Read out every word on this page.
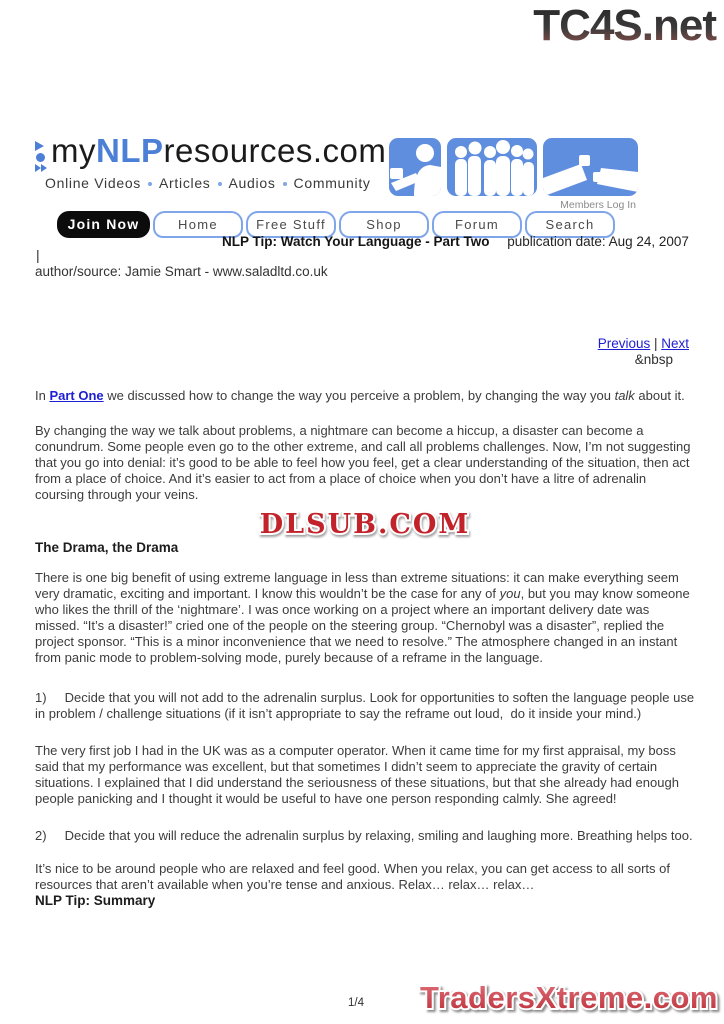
TC4S.net
myNLPresources.com
Online Videos Articles Audios Community
Members Log In
Join Now	Home	Free Stuff	Shop	Forum	Search
NLP Tip: Watch Your Language - Part Two publication date: Aug 24, 2007
|
author/source: Jamie Smart - www.saladltd.co.uk
Previous | Next
&nbsp

In Part One we discussed how to change the way you perceive a problem, by changing the way you talk about it.

By changing the way we talk about problems, a nightmare can become a hiccup, a disaster can become a conundrum. Some people even go to the other extreme, and call all problems challenges. Now, I’m not suggesting that you go into denial: it’s good to be able to feel how you feel, get a clear understanding of the situation, then act from a place of choice. And it’s easier to act from a place of choice when you don’t have a litre of adrenalin coursing through your veins.

DLSUB.COM

The Drama, the Drama

There is one big benefit of using extreme language in less than extreme situations: it can make everything seem very dramatic, exciting and important. I know this wouldn’t be the case for any of you, but you may know someone who likes the thrill of the ‘nightmare’. I was once working on a project where an important delivery date was missed. “It’s a disaster!” cried one of the people on the steering group. “Chernobyl was a disaster”, replied the project sponsor. “This is a minor inconvenience that we need to resolve.” The atmosphere changed in an instant from panic mode to problem-solving mode, purely because of a reframe in the language.

1)     Decide that you will not add to the adrenalin surplus. Look for opportunities to soften the language people use in problem / challenge situations (if it isn’t appropriate to say the reframe out loud,  do it inside your mind.)

The very first job I had in the UK was as a computer operator. When it came time for my first appraisal, my boss said that my performance was excellent, but that sometimes I didn’t seem to appreciate the gravity of certain situations. I explained that I did understand the seriousness of these situations, but that she already had enough people panicking and I thought it would be useful to have one person responding calmly. She agreed!

2)     Decide that you will reduce the adrenalin surplus by relaxing, smiling and laughing more. Breathing helps too.

It’s nice to be around people who are relaxed and feel good. When you relax, you can get access to all sorts of resources that aren’t available when you’re tense and anxious. Relax… relax… relax…

NLP Tip: Summary

1/4 TradersXtreme.com
